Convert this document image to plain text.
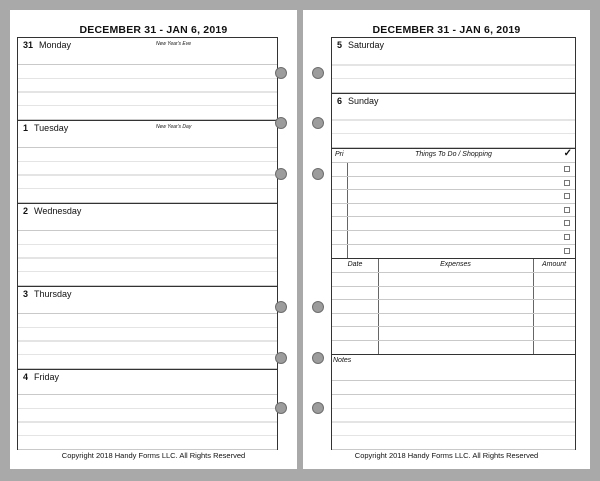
DECEMBER 31 - JAN 6, 2019
31 Monday	New Year's Eve
1 Tuesday	New Year's Day
2 Wednesday
3 Thursday
4 Friday
Copyright 2018 Handy Forms LLC. All Rights Reserved
DECEMBER 31 - JAN 6, 2019
5 Saturday
6 Sunday
Pri	Things To Do / Shopping	✓
Date	Expenses	Amount
Notes
Copyright 2018 Handy Forms LLC. All Rights Reserved
